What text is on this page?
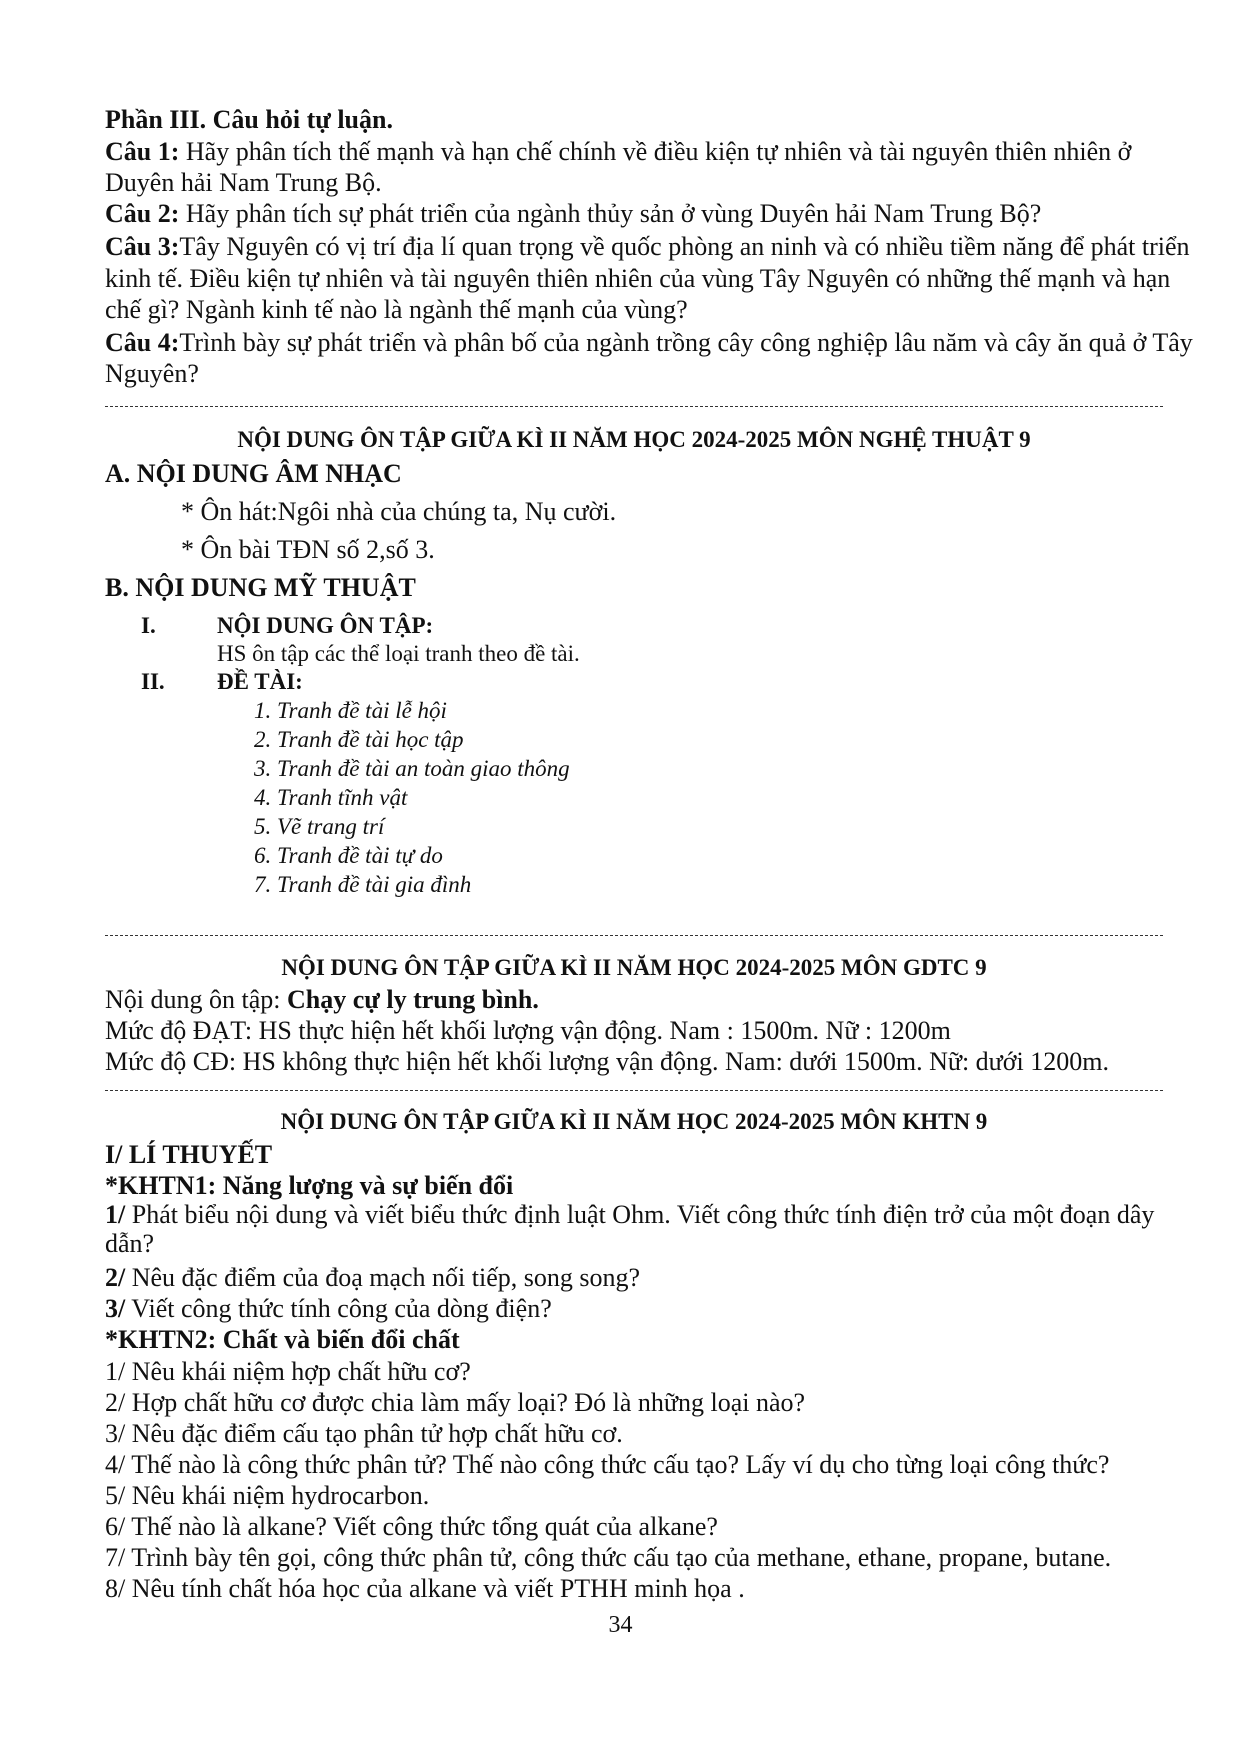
Phần III. Câu hỏi tự luận.
Câu 1: Hãy phân tích thế mạnh và hạn chế chính về điều kiện tự nhiên và tài nguyên thiên nhiên ở Duyên hải Nam Trung Bộ.
Câu 2: Hãy phân tích sự phát triển của ngành thủy sản ở vùng Duyên hải Nam Trung Bộ?
Câu 3:Tây Nguyên có vị trí địa lí quan trọng về quốc phòng an ninh và có nhiều tiềm năng để phát triển kinh tế. Điều kiện tự nhiên và tài nguyên thiên nhiên của vùng Tây Nguyên có những thế mạnh và hạn chế gì? Ngành kinh tế nào là ngành thế mạnh của vùng?
Câu 4:Trình bày sự phát triển và phân bố của ngành trồng cây công nghiệp lâu năm và cây ăn quả ở Tây Nguyên?
NỘI DUNG ÔN TẬP GIỮA KÌ II NĂM HỌC 2024-2025 MÔN NGHỆ THUẬT 9
A. NỘI DUNG ÂM NHẠC
* Ôn hát:Ngôi nhà của chúng ta, Nụ cười.
* Ôn bài TĐN số 2,số 3.
B. NỘI DUNG MỸ THUẬT
I.	NỘI DUNG ÔN TẬP:
HS ôn tập các thể loại tranh theo đề tài.
II. ĐỀ TÀI:
1. Tranh đề tài lễ hội
2. Tranh đề tài học tập
3. Tranh đề tài an toàn giao thông
4. Tranh tĩnh vật
5. Vẽ trang trí
6. Tranh đề tài tự do
7. Tranh đề tài gia đình
NỘI DUNG ÔN TẬP GIỮA KÌ II NĂM HỌC 2024-2025 MÔN GDTC 9
Nội dung ôn tập: Chạy cự ly trung bình.
Mức độ ĐẠT: HS thực hiện hết khối lượng vận động. Nam : 1500m. Nữ : 1200m
Mức độ CĐ: HS không thực hiện hết khối lượng vận động. Nam: dưới 1500m. Nữ: dưới 1200m.
NỘI DUNG ÔN TẬP GIỮA KÌ II NĂM HỌC 2024-2025 MÔN KHTN 9
I/ LÍ THUYẾT
*KHTN1: Năng lượng và sự biến đổi
1/ Phát biểu nội dung và viết biểu thức định luật Ohm. Viết công thức tính điện trở của một đoạn dây dẫn?
2/ Nêu đặc điểm của đoạ mạch nối tiếp, song song?
3/ Viết công thức tính công của dòng điện?
*KHTN2: Chất và biến đổi chất
1/ Nêu khái niệm hợp chất hữu cơ?
2/ Hợp chất hữu cơ được chia làm mấy loại? Đó là những loại nào?
3/ Nêu đặc điểm cấu tạo phân tử hợp chất hữu cơ.
4/ Thế nào là công thức phân tử? Thế nào công thức cấu tạo? Lấy ví dụ cho từng loại công thức?
5/ Nêu khái niệm hydrocarbon.
6/ Thế nào là alkane? Viết công thức tổng quát của alkane?
7/ Trình bày tên gọi, công thức phân tử, công thức cấu tạo của methane, ethane, propane, butane.
8/ Nêu tính chất hóa học của alkane và viết PTHH minh họa .
34
